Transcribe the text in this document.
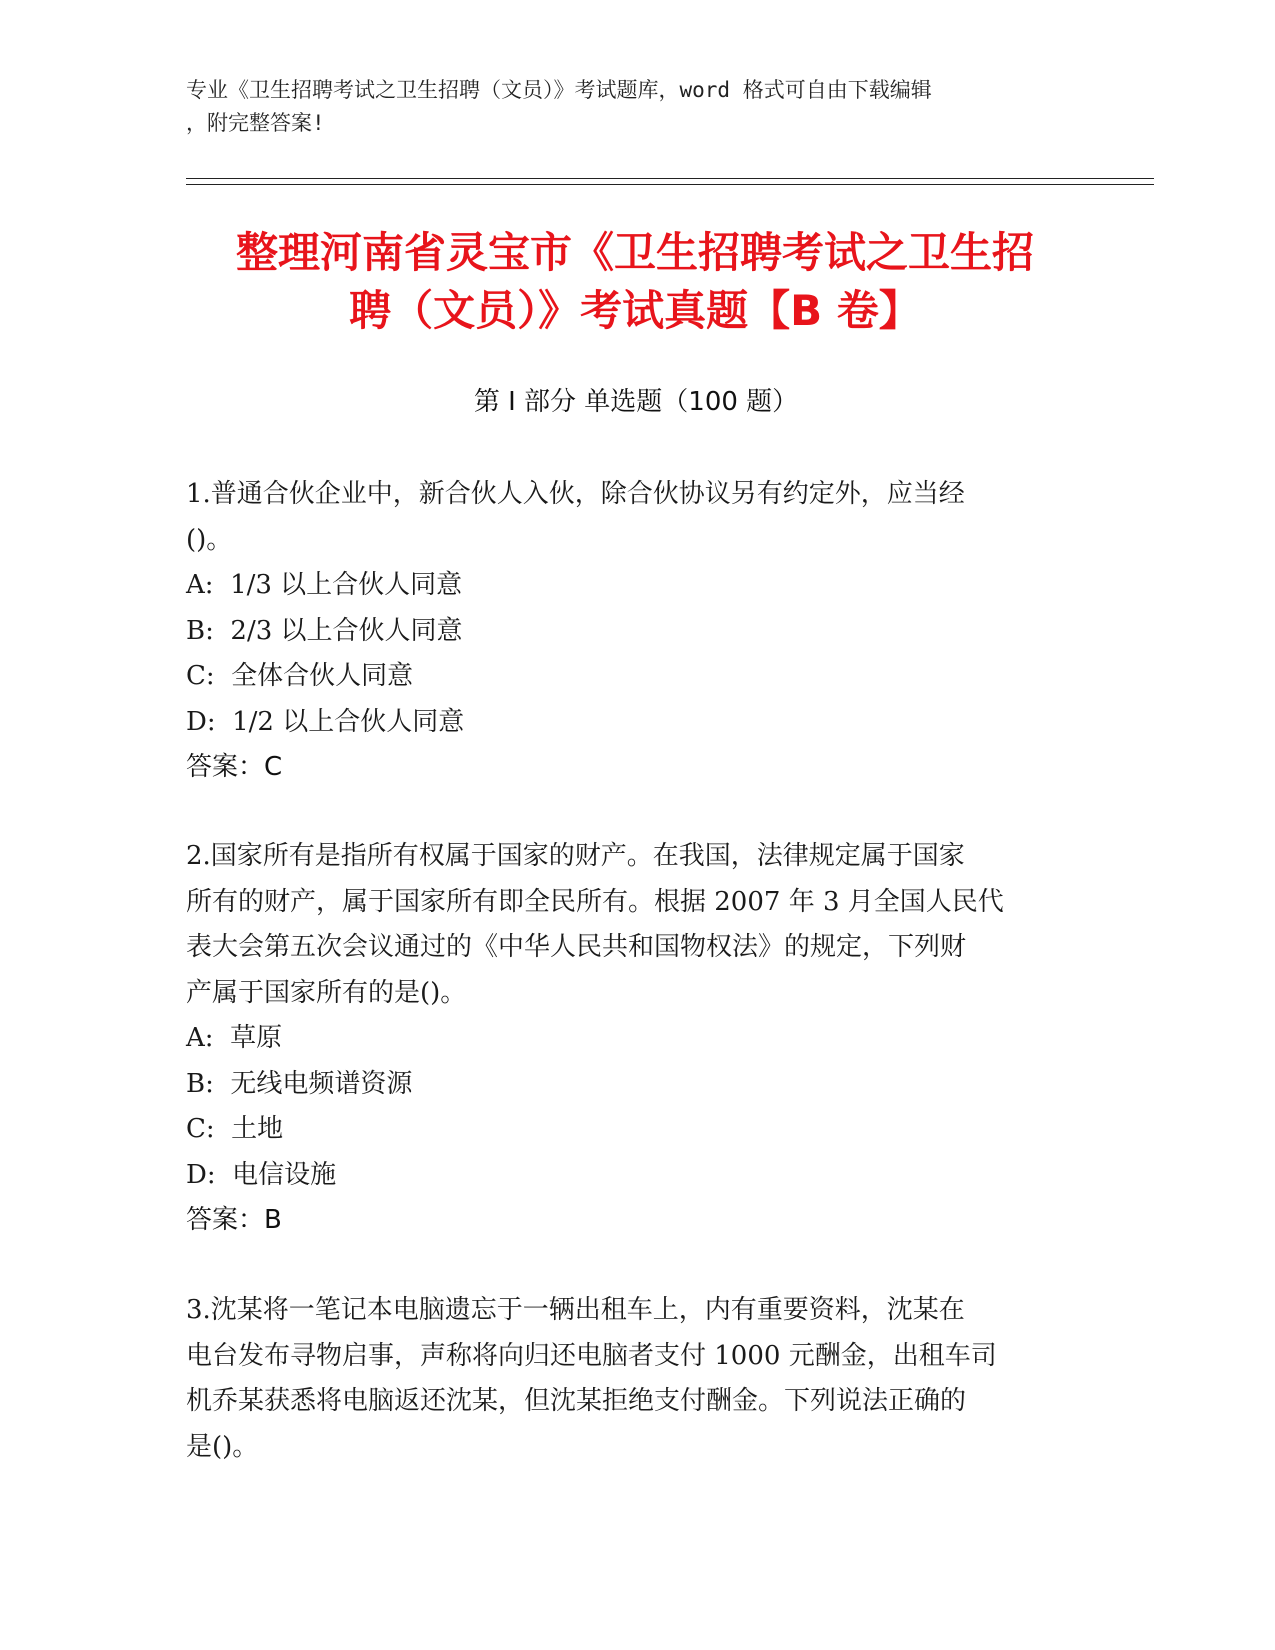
专业《卫生招聘考试之卫生招聘（文员）》考试题库，word 格式可自由下载编辑
，附完整答案!
整理河南省灵宝市《卫生招聘考试之卫生招
聘（文员）》考试真题【B 卷】
第 I 部分 单选题（100 题）
1.普通合伙企业中，新合伙人入伙，除合伙协议另有约定外，应当经
()。
A:  1/3 以上合伙人同意
B:  2/3 以上合伙人同意
C:  全体合伙人同意
D:  1/2 以上合伙人同意
答案：C
2.国家所有是指所有权属于国家的财产。在我国，法律规定属于国家
所有的财产，属于国家所有即全民所有。根据 2007 年 3 月全国人民代
表大会第五次会议通过的《中华人民共和国物权法》的规定，下列财
产属于国家所有的是()。
A:  草原
B:  无线电频谱资源
C:  土地
D:  电信设施
答案：B
3.沈某将一笔记本电脑遗忘于一辆出租车上，内有重要资料，沈某在
电台发布寻物启事，声称将向归还电脑者支付 1000 元酬金，出租车司
机乔某获悉将电脑返还沈某，但沈某拒绝支付酬金。下列说法正确的
是()。
